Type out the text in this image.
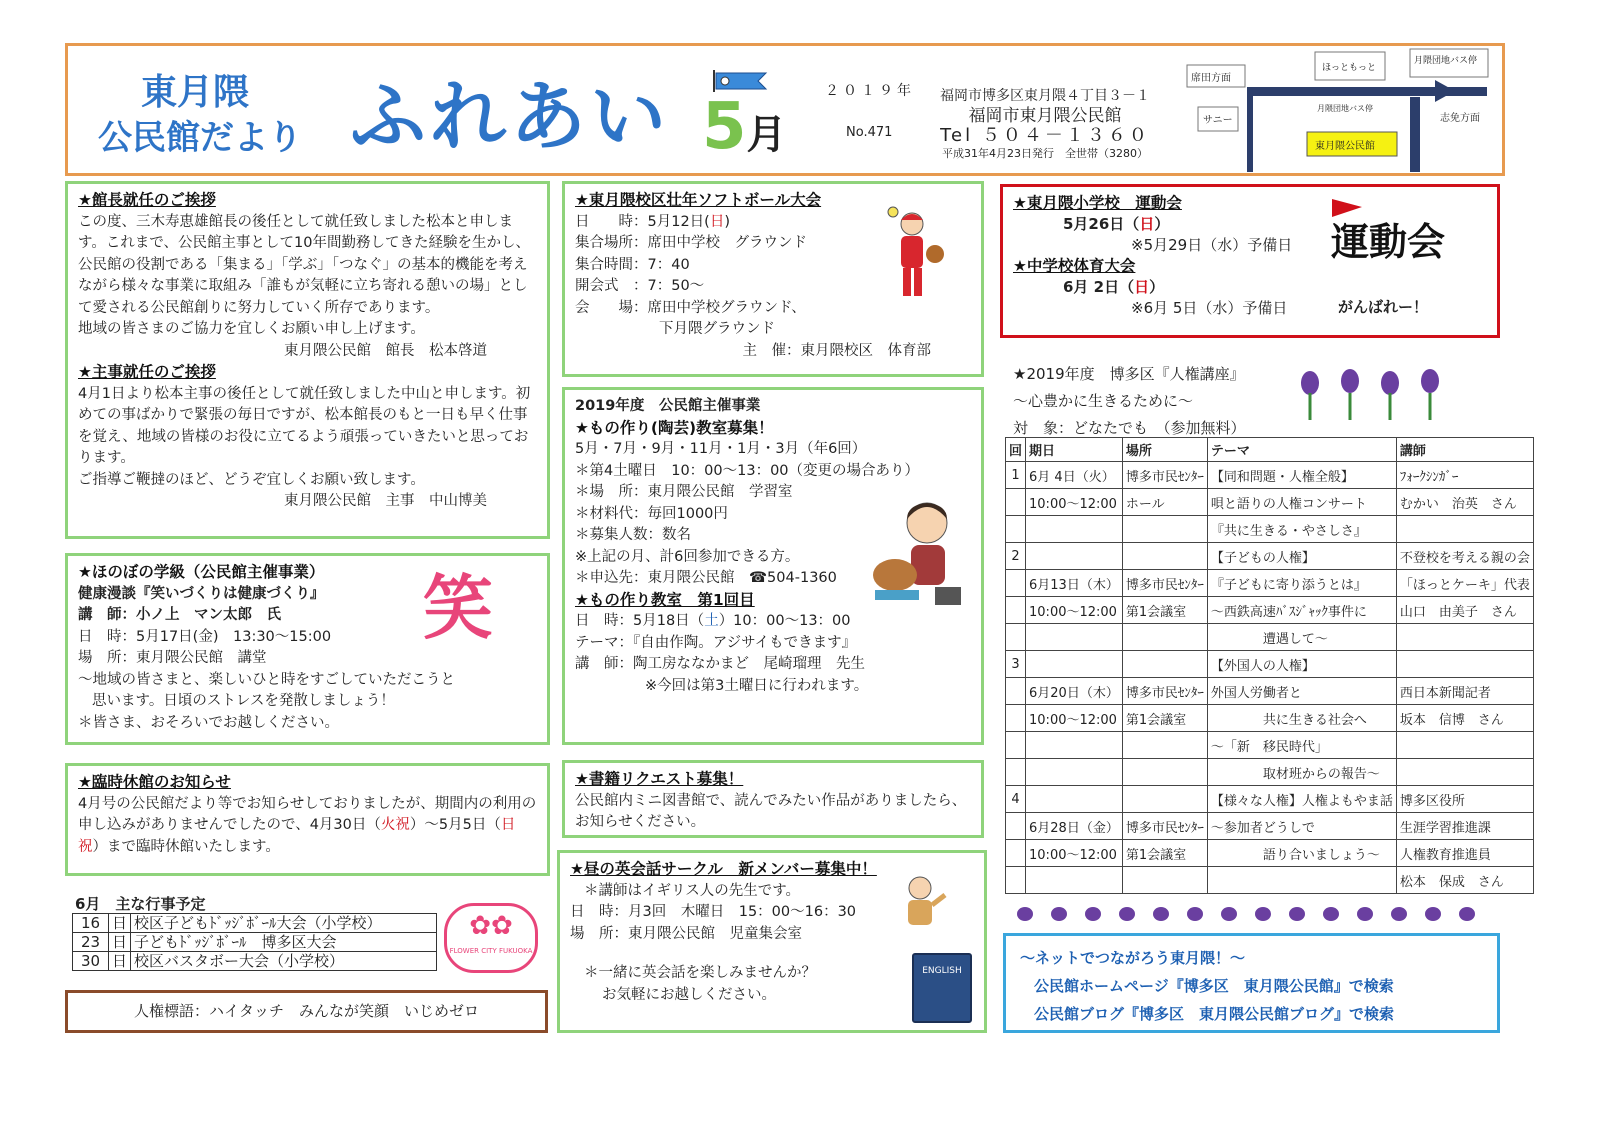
東月隈
公民館だより ふれあい 5月
２０１９年
No.471
福岡市博多区東月隈４丁目３－１
福岡市東月隈公民館
Tel ５０４－１３６０
平成31年4月23日発行　全世帯（3280）
席田方面
ほっともっと
月隈団地バス停
サニー
月隈団地バス停
志免方面
東月隈公民館
★館長就任のご挨拶
この度、三木寿恵雄館長の後任として就任致しました松本と申します。これまで、公民館主事として10年間勤務してきた経験を生かし、公民館の役割である「集まる」「学ぶ」「つなぐ」の基本的機能を考えながら様々な事業に取組み「誰もが気軽に立ち寄れる憩いの場」として愛される公民館創りに努力していく所存であります。
地域の皆さまのご協力を宜しくお願い申し上げます。
東月隈公民館　館長　松本啓道
★主事就任のご挨拶
4月1日より松本主事の後任として就任致しました中山と申します。初めての事ばかりで緊張の毎日ですが、松本館長のもと一日も早く仕事を覚え、地域の皆様のお役に立てるよう頑張っていきたいと思っております。
ご指導ご鞭撻のほど、どうぞ宜しくお願い致します。
東月隈公民館　主事　中山博美
★ほのぼの学級（公民館主催事業）
健康漫談『笑いづくりは健康づくり』
講　師：小ノ上　マン太郎　氏
日　時：5月17日(金)　13:30～15:00
場　所：東月隈公民館　講堂
～地域の皆さまと、楽しいひと時をすごしていただこうと
思います。日頃のストレスを発散しましょう！
＊皆さま、おそろいでお越しください。
笑
★臨時休館のお知らせ
4月号の公民館だより等でお知らせしておりましたが、期間内の利用の申し込みがありませんでしたので、4月30日（火祝）～5月5日（日祝）まで臨時休館いたします。
6月　主な行事予定
16	日	校区子どもﾄﾞｯｼﾞﾎﾞｰﾙ大会（小学校）
23	日	子どもﾄﾞｯｼﾞﾎﾞｰﾙ　博多区大会
30	日	校区バスタボー大会（小学校）
✿✿
FLOWER CITY FUKUOKA
人権標語：ハイタッチ　みんなが笑顔　いじめゼロ
★東月隈校区壮年ソフトボール大会
日　　時：5月12日(日)
集合場所：席田中学校　グラウンド
集合時間：7：40
開会式　：7：50～
会　　場：席田中学校グラウンド、
下月隈グラウンド
主　催：東月隈校区　体育部
2019年度　公民館主催事業
★もの作り(陶芸)教室募集！
5月・7月・9月・11月・1月・3月（年6回）
＊第4土曜日　10：00～13：00（変更の場合あり）
＊場　所：東月隈公民館　学習室
＊材料代：毎回1000円
＊募集人数：数名
※上記の月、計6回参加できる方。
＊申込先：東月隈公民館　☎504-1360
★もの作り教室　第1回目
日　時：5月18日（土）10：00～13：00
テーマ：『自由作陶。アジサイもできます』
講　師：陶工房ななかまど　尾崎瑠理　先生
※今回は第3土曜日に行われます。
★書籍リクエスト募集！
公民館内ミニ図書館で、読んでみたい作品がありましたら、お知らせください。
★昼の英会話サークル　新メンバー募集中！
＊講師はイギリス人の先生です。
日　時：月3回　木曜日　15：00～16：30
場　所：東月隈公民館　児童集会室
＊一緒に英会話を楽しみませんか？
お気軽にお越しください。
ENGLISH
★東月隈小学校　運動会
5月26日（日）
※5月29日（水）予備日
★中学校体育大会
6月 2日（日）
※6月 5日（水）予備日
運動会
がんばれー！
★2019年度　博多区『人権講座』
～心豊かに生きるために～
対　象：どなたでも　（参加無料）
回	期日	場所	テーマ	講師
1	6月 4日（火）	博多市民ｾﾝﾀｰ	【同和問題・人権全般】	ﾌｫｰｸｼﾝｶﾞｰ
	10:00～12:00	ホール	唄と語りの人権コンサート	むかい　治英　さん
			『共に生きる・やさしさ』	
2			【子どもの人権】	不登校を考える親の会
	6月13日（木）	博多市民ｾﾝﾀｰ	『子どもに寄り添うとは』	「ほっとケーキ」代表
	10:00～12:00	第1会議室	～西鉄高速ﾊﾞｽｼﾞｬｯｸ事件に	山口　由美子　さん
			　　　　遭遇して～	
3			【外国人の人権】	
	6月20日（木）	博多市民ｾﾝﾀｰ	外国人労働者と	西日本新聞記者
	10:00～12:00	第1会議室	　　　　共に生きる社会へ	坂本　信博　さん
			～「新　移民時代」	
			　　　　取材班からの報告～	
4			【様々な人権】人権よもやま話	博多区役所
	6月28日（金）	博多市民ｾﾝﾀｰ	～参加者どうしで	生涯学習推進課
	10:00～12:00	第1会議室	　　　　語り合いましょう～	人権教育推進員
				松本　保成　さん
～ネットでつながろう東月隈！～
公民館ホームページ『博多区　東月隈公民館』で検索
公民館ブログ『博多区　東月隈公民館ブログ』で検索
